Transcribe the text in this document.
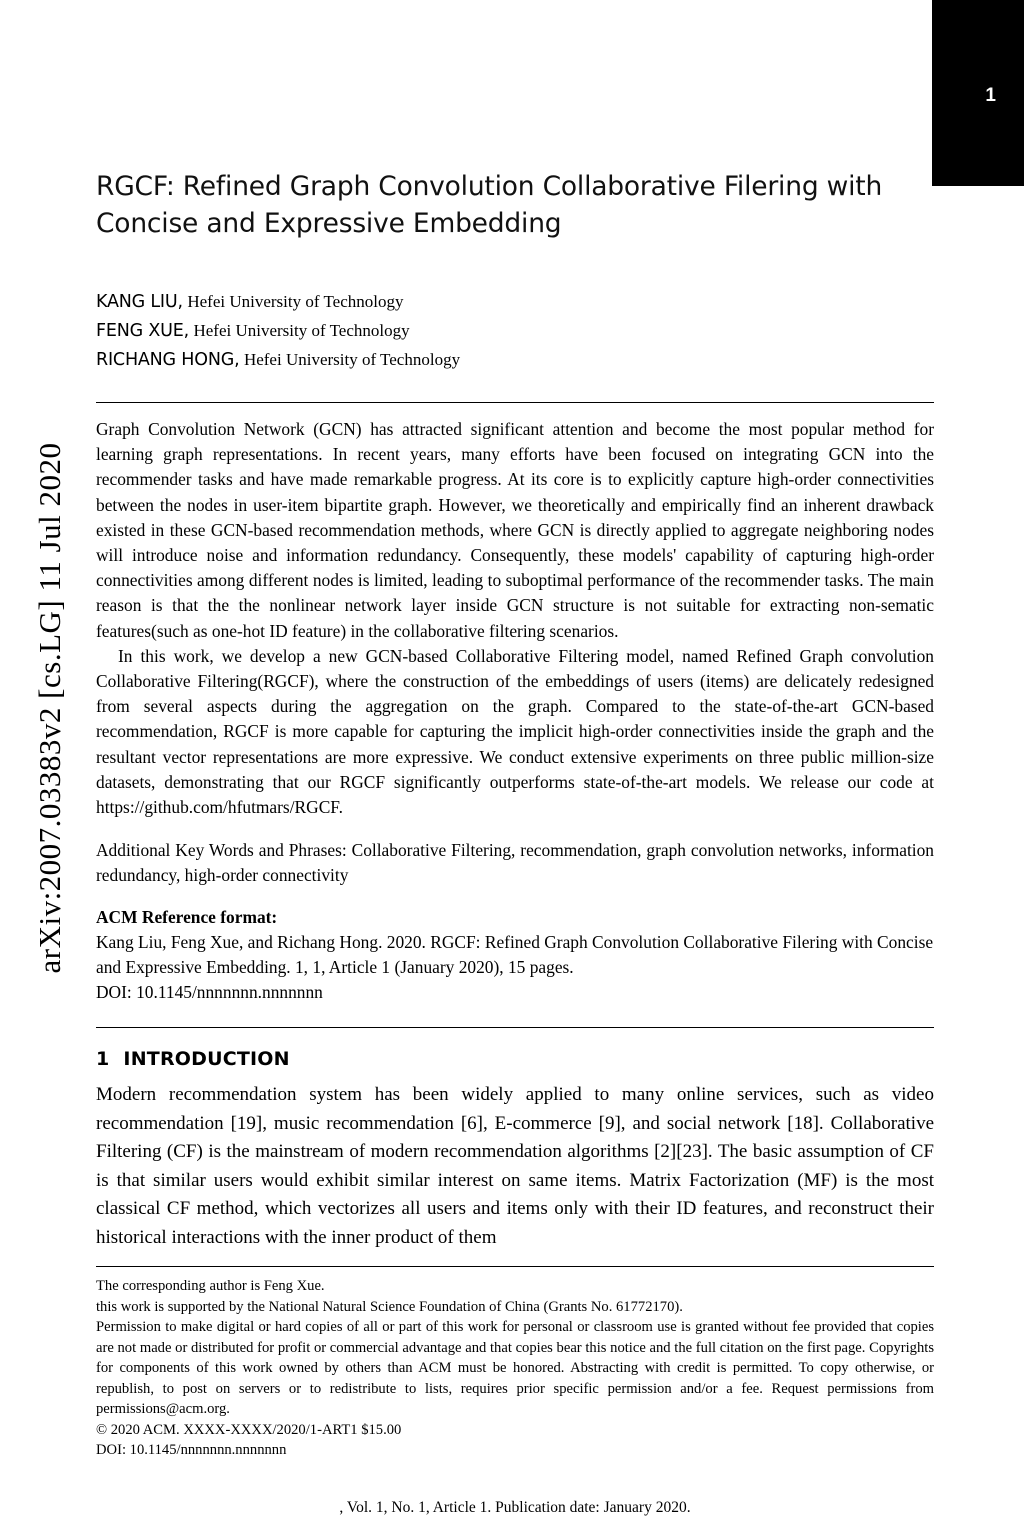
arXiv:2007.03383v2 [cs.LG] 11 Jul 2020
1
RGCF: Refined Graph Convolution Collaborative Filering with Concise and Expressive Embedding
KANG LIU, Hefei University of Technology
FENG XUE, Hefei University of Technology
RICHANG HONG, Hefei University of Technology

Graph Convolution Network (GCN) has attracted significant attention and become the most popular method for learning graph representations. In recent years, many efforts have been focused on integrating GCN into the recommender tasks and have made remarkable progress. At its core is to explicitly capture high-order connectivities between the nodes in user-item bipartite graph. However, we theoretically and empirically find an inherent drawback existed in these GCN-based recommendation methods, where GCN is directly applied to aggregate neighboring nodes will introduce noise and information redundancy. Consequently, these models' capability of capturing high-order connectivities among different nodes is limited, leading to suboptimal performance of the recommender tasks. The main reason is that the the nonlinear network layer inside GCN structure is not suitable for extracting non-sematic features(such as one-hot ID feature) in the collaborative filtering scenarios.

In this work, we develop a new GCN-based Collaborative Filtering model, named Refined Graph convolution Collaborative Filtering(RGCF), where the construction of the embeddings of users (items) are delicately redesigned from several aspects during the aggregation on the graph. Compared to the state-of-the-art GCN-based recommendation, RGCF is more capable for capturing the implicit high-order connectivities inside the graph and the resultant vector representations are more expressive. We conduct extensive experiments on three public million-size datasets, demonstrating that our RGCF significantly outperforms state-of-the-art models. We release our code at https://github.com/hfutmars/RGCF.

Additional Key Words and Phrases: Collaborative Filtering, recommendation, graph convolution networks, information redundancy, high-order connectivity
ACM Reference format:
Kang Liu, Feng Xue, and Richang Hong. 2020. RGCF: Refined Graph Convolution Collaborative Filering with Concise and Expressive Embedding. 1, 1, Article 1 (January 2020), 15 pages.
DOI: 10.1145/nnnnnnn.nnnnnnn
1 INTRODUCTION

Modern recommendation system has been widely applied to many online services, such as video recommendation [19], music recommendation [6], E-commerce [9], and social network [18]. Collaborative Filtering (CF) is the mainstream of modern recommendation algorithms [2][23]. The basic assumption of CF is that similar users would exhibit similar interest on same items. Matrix Factorization (MF) is the most classical CF method, which vectorizes all users and items only with their ID features, and reconstruct their historical interactions with the inner product of them

The corresponding author is Feng Xue.

this work is supported by the National Natural Science Foundation of China (Grants No. 61772170).

Permission to make digital or hard copies of all or part of this work for personal or classroom use is granted without fee provided that copies are not made or distributed for profit or commercial advantage and that copies bear this notice and the full citation on the first page. Copyrights for components of this work owned by others than ACM must be honored. Abstracting with credit is permitted. To copy otherwise, or republish, to post on servers or to redistribute to lists, requires prior specific permission and/or a fee. Request permissions from permissions@acm.org.

© 2020 ACM. XXXX-XXXX/2020/1-ART1 $15.00

DOI: 10.1145/nnnnnnn.nnnnnnn

, Vol. 1, No. 1, Article 1. Publication date: January 2020.
